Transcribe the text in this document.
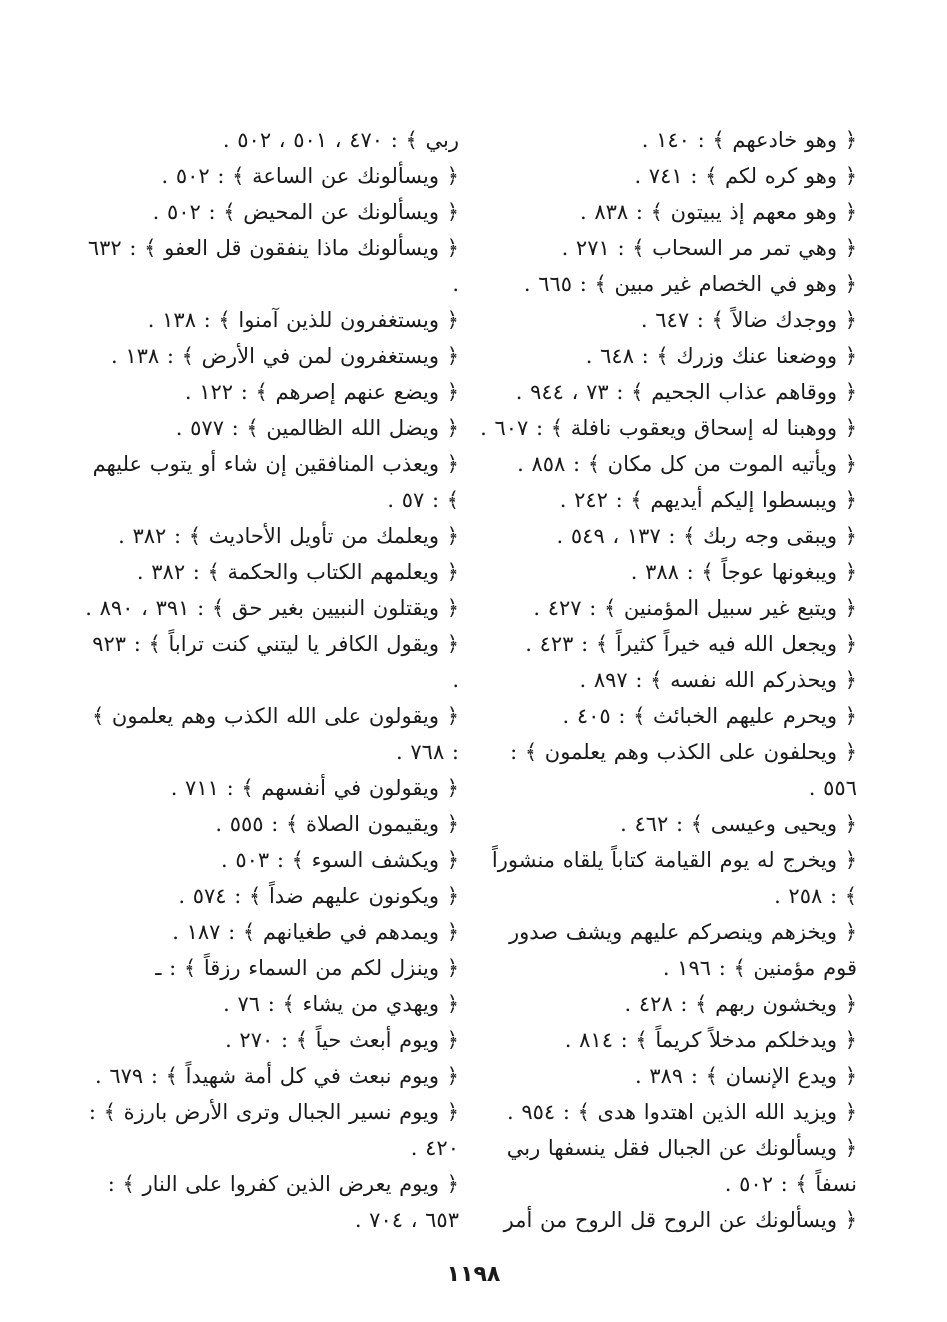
﴿ وهو خادعهم ﴾ : ١٤٠ .

﴿ وهو كره لكم ﴾ : ٧٤١ .

﴿ وهو معهم إذ يبيتون ﴾ : ٨٣٨ .

﴿ وهي تمر مر السحاب ﴾ : ٢٧١ .

﴿ وهو في الخصام غير مبين ﴾ : ٦٦٥ .

﴿ ووجدك ضالاً ﴾ : ٦٤٧ .

﴿ ووضعنا عنك وزرك ﴾ : ٦٤٨ .

﴿ ووقاهم عذاب الجحيم ﴾ : ٧٣ ، ٩٤٤ .

﴿ ووهبنا له إسحاق ويعقوب نافلة ﴾ : ٦٠٧ .

﴿ ويأتيه الموت من كل مكان ﴾ : ٨٥٨ .

﴿ ويبسطوا إليكم أيديهم ﴾ : ٢٤٢ .

﴿ ويبقى وجه ربك ﴾ : ١٣٧ ، ٥٤٩ .

﴿ ويبغونها عوجاً ﴾ : ٣٨٨ .

﴿ ويتبع غير سبيل المؤمنين ﴾ : ٤٢٧ .

﴿ ويجعل الله فيه خيراً كثيراً ﴾ : ٤٢٣ .

﴿ ويحذركم الله نفسه ﴾ : ٨٩٧ .

﴿ ويحرم عليهم الخبائث ﴾ : ٤٠٥ .

﴿ ويحلفون على الكذب وهم يعلمون ﴾ : ٥٥٦ .

﴿ ويحيى وعيسى ﴾ : ٤٦٢ .

﴿ ويخرج له يوم القيامة كتاباً يلقاه منشوراً ﴾ : ٢٥٨ .

﴿ ويخزهم وينصركم عليهم ويشف صدور قوم مؤمنين ﴾ : ١٩٦ .

﴿ ويخشون ربهم ﴾ : ٤٢٨ .

﴿ ويدخلكم مدخلاً كريماً ﴾ : ٨١٤ .

﴿ ويدع الإنسان ﴾ : ٣٨٩ .

﴿ ويزيد الله الذين اهتدوا هدى ﴾ : ٩٥٤ .

﴿ ويسألونك عن الجبال فقل ينسفها ربي نسفاً ﴾ : ٥٠٢ .

﴿ ويسألونك عن الروح قل الروح من أمر

ربي ﴾ : ٤٧٠ ، ٥٠١ ، ٥٠٢ .

﴿ ويسألونك عن الساعة ﴾ : ٥٠٢ .

﴿ ويسألونك عن المحيض ﴾ : ٥٠٢ .

﴿ ويسألونك ماذا ينفقون قل العفو ﴾ : ٦٣٢ .

﴿ ويستغفرون للذين آمنوا ﴾ : ١٣٨ .

﴿ ويستغفرون لمن في الأرض ﴾ : ١٣٨ .

﴿ ويضع عنهم إصرهم ﴾ : ١٢٢ .

﴿ ويضل الله الظالمين ﴾ : ٥٧٧ .

﴿ ويعذب المنافقين إن شاء أو يتوب عليهم ﴾ : ٥٧ .

﴿ ويعلمك من تأويل الأحاديث ﴾ : ٣٨٢ .

﴿ ويعلمهم الكتاب والحكمة ﴾ : ٣٨٢ .

﴿ ويقتلون النبيين بغير حق ﴾ : ٣٩١ ، ٨٩٠ .

﴿ ويقول الكافر يا ليتني كنت تراباً ﴾ : ٩٢٣ .

﴿ ويقولون على الله الكذب وهم يعلمون ﴾ : ٧٦٨ .

﴿ ويقولون في أنفسهم ﴾ : ٧١١ .

﴿ ويقيمون الصلاة ﴾ : ٥٥٥ .

﴿ ويكشف السوء ﴾ : ٥٠٣ .

﴿ ويكونون عليهم ضداً ﴾ : ٥٧٤ .

﴿ ويمدهم في طغيانهم ﴾ : ١٨٧ .

﴿ وينزل لكم من السماء رزقاً ﴾ : ـ

﴿ ويهدي من يشاء ﴾ : ٧٦ .

﴿ ويوم أبعث حياً ﴾ : ٢٧٠ .

﴿ ويوم نبعث في كل أمة شهيداً ﴾ : ٦٧٩ .

﴿ ويوم نسير الجبال وترى الأرض بارزة ﴾ : ٤٢٠ .

﴿ ويوم يعرض الذين كفروا على النار ﴾ : ٦٥٣ ، ٧٠٤ .

١١٩٨
